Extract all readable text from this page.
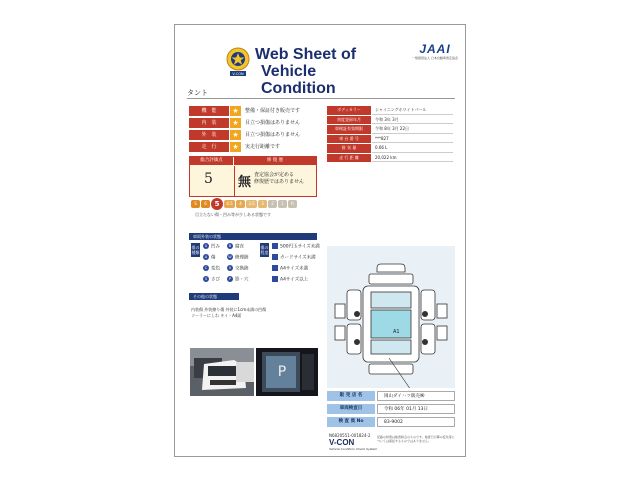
V-CON
Web Sheet of
Vehicle Condition
JAAI
一般財団法人 日本自動車査定協会
タント
機　能	★	整備・保証付き販売です
内　装	★	目立つ損傷はありません
外　装	★	目立つ損傷はありません
走　行	★	実走行距離です
ボディカラー	シャイニングホワイトパール
初度登録年月	令和 3年 3月
車検証有効期限	令和 8年 3月 22日
車 台 番 号	***827
排 気 量	0.66 L
走 行 距 離	20,022 km
総合評価点	修 復 歴
5 無 査定協会が定める
修復歴ではありません
S	6	5	4.5	4	3.5	3	2	1	R
目立たない傷・凹み等が少しある状態です
車両外装の状態
傷の種類
U 凹み
A 傷
C 変色
S さび
B 腐食
W 修理跡
X 交換跡
P 影・穴
傷の程度
500円玉サイズ未満
カードサイズ未満
A4サイズ未満
A4サイズ以上
その他の状態
内装傷 外装擦り傷 外装に1cm未満の凹傷
ソーラーにしわ キイ・A4面
P
A1
販 売 店 名	岡山ダイハツ販売㈱
車両検査日	令和 06年 01月 13日
検 査 員 No	83-9002
N6820551-001824-2
V-CON
Vehicle Condition Check System
記載の結果は検査時点のものです。検査日以降の変化等については保証するものではありません。
